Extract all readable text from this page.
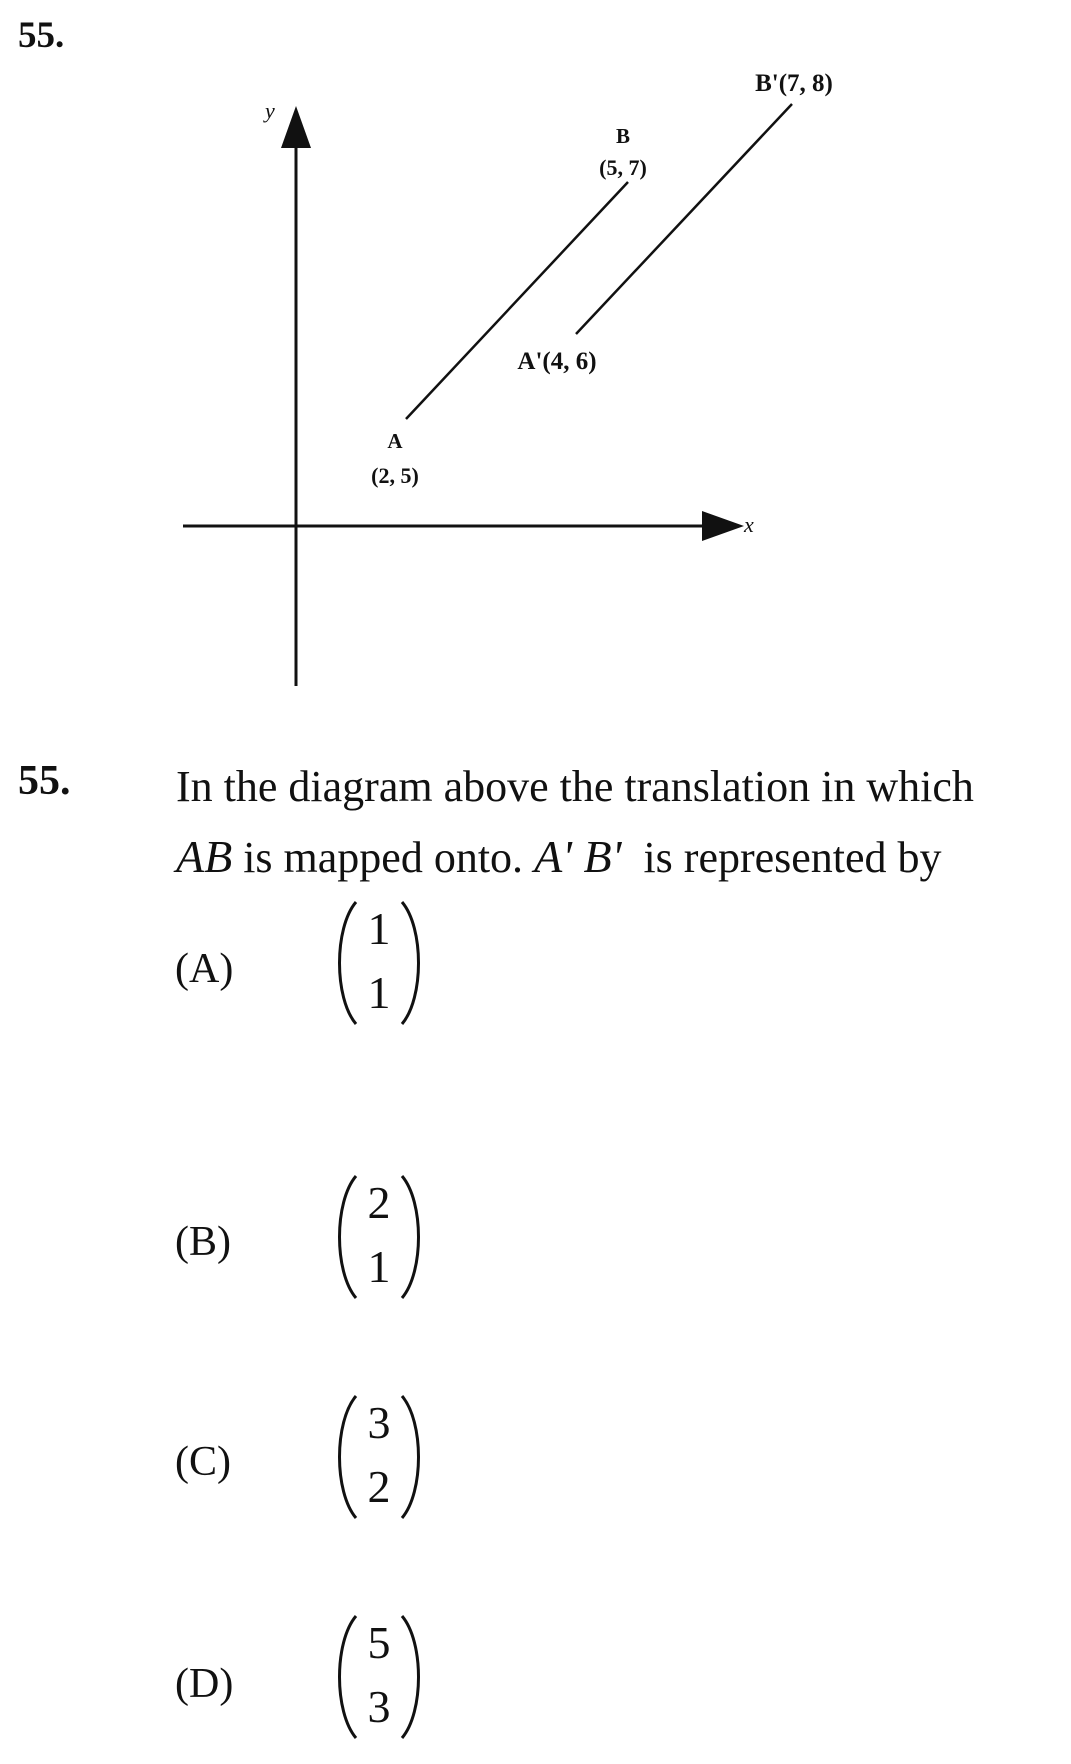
55.
y
x
A
(2, 5)
B
(5, 7)
A'(4, 6)
B'(7, 8)
55. In the diagram above the translation in which
AB is mapped onto. A' B'  is represented by
(A)
1
1
(B)
2
1
(C)
3
2
(D)
5
3
